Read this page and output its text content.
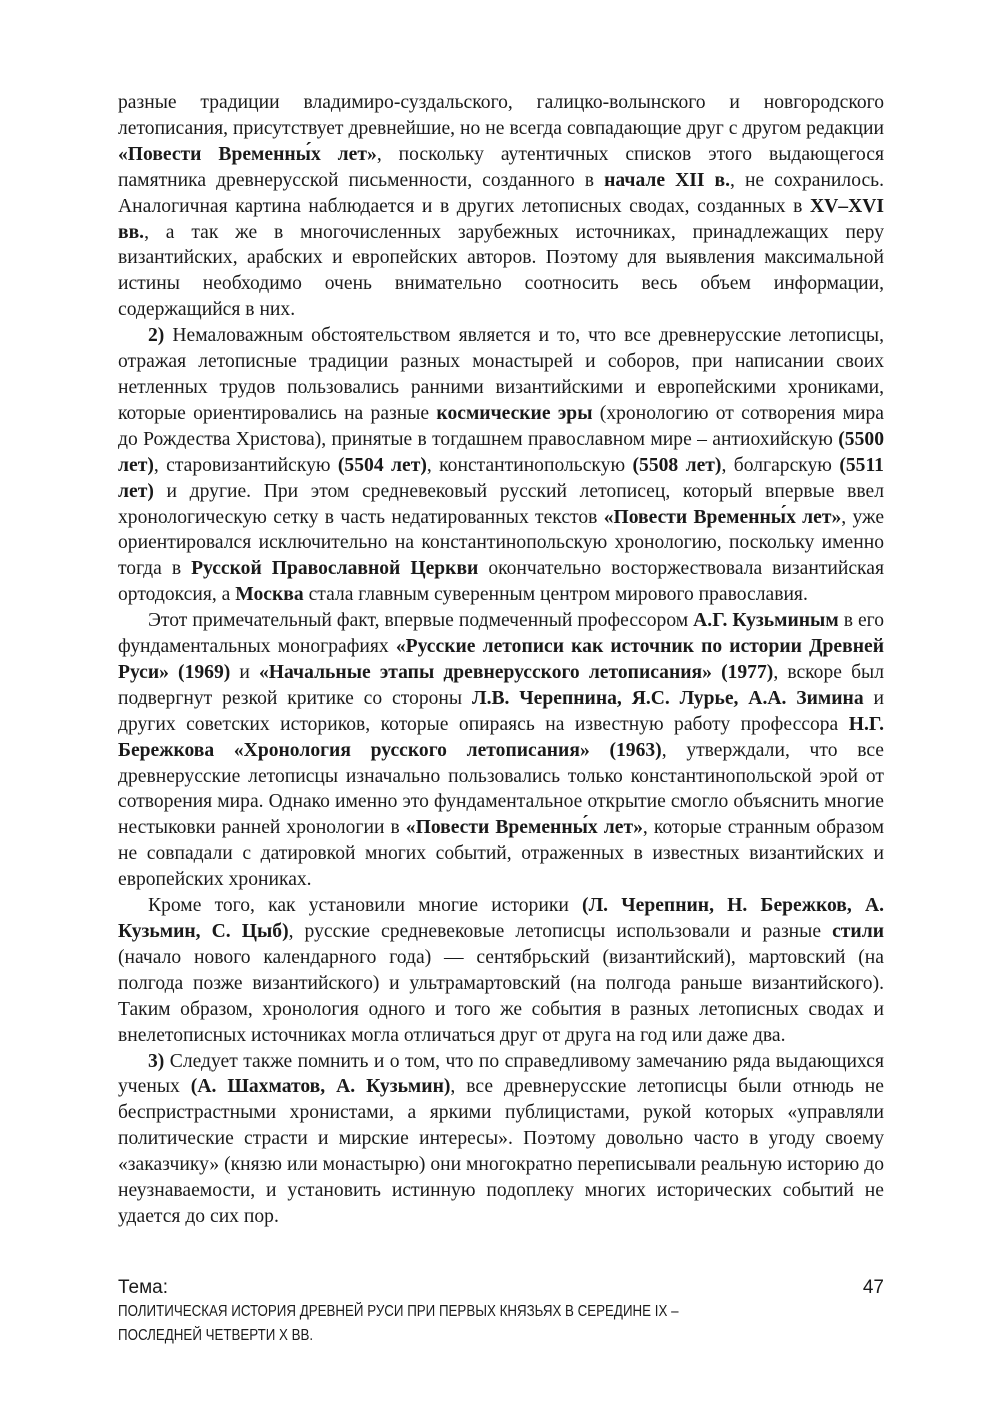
разные традиции владимиро-суздальского, галицко-волынского и новгородского летописания, присутствует древнейшие, но не всегда совпадающие друг с другом редакции «Повести Временны́х лет», поскольку аутентичных списков этого выдающегося памятника древнерусской письменности, созданного в начале XII в., не сохранилось. Аналогичная картина наблюдается и в других летописных сводах, созданных в XV–XVI вв., а так же в многочисленных зарубежных источниках, принадлежащих перу византийских, арабских и европейских авторов. Поэтому для выявления максимальной истины необходимо очень внимательно соотносить весь объем информации, содержащийся в них.

2) Немаловажным обстоятельством является и то, что все древнерусские летописцы, отражая летописные традиции разных монастырей и соборов, при написании своих нетленных трудов пользовались ранними византийскими и европейскими хрониками, которые ориентировались на разные космические эры (хронологию от сотворения мира до Рождества Христова), принятые в тогдашнем православном мире – антиохийскую (5500 лет), старовизантийскую (5504 лет), константинопольскую (5508 лет), болгарскую (5511 лет) и другие. При этом средневековый русский летописец, который впервые ввел хронологическую сетку в часть недатированных текстов «Повести Временны́х лет», уже ориентировался исключительно на константинопольскую хронологию, поскольку именно тогда в Русской Православной Церкви окончательно восторжествовала византийская ортодоксия, а Москва стала главным суверенным центром мирового православия.

Этот примечательный факт, впервые подмеченный профессором А.Г. Кузьминым в его фундаментальных монографиях «Русские летописи как источник по истории Древней Руси» (1969) и «Начальные этапы древнерусского летописания» (1977), вскоре был подвергнут резкой критике со стороны Л.В. Черепнина, Я.С. Лурье, А.А. Зимина и других советских историков, которые опираясь на известную работу профессора Н.Г. Бережкова «Хронология русского летописания» (1963), утверждали, что все древнерусские летописцы изначально пользовались только константинопольской эрой от сотворения мира. Однако именно это фундаментальное открытие смогло объяснить многие нестыковки ранней хронологии в «Повести Временны́х лет», которые странным образом не совпадали с датировкой многих событий, отраженных в известных византийских и европейских хрониках.

Кроме того, как установили многие историки (Л. Черепнин, Н. Бережков, А. Кузьмин, С. Цыб), русские средневековые летописцы использовали и разные стили (начало нового календарного года) — сентябрьский (византийский), мартовский (на полгода позже византийского) и ультрамартовский (на полгода раньше византийского). Таким образом, хронология одного и того же события в разных летописных сводах и внелетописных источниках могла отличаться друг от друга на год или даже два.

3) Следует также помнить и о том, что по справедливому замечанию ряда выдающихся ученых (А. Шахматов, А. Кузьмин), все древнерусские летописцы были отнюдь не беспристрастными хронистами, а яркими публицистами, рукой которых «управляли политические страсти и мирские интересы». Поэтому довольно часто в угоду своему «заказчику» (князю или монастырю) они многократно переписывали реальную историю до неузнаваемости, и установить истинную подоплеку многих исторических событий не удается до сих пор.

Тема:
ПОЛИТИЧЕСКАЯ ИСТОРИЯ ДРЕВНЕЙ РУСИ ПРИ ПЕРВЫХ КНЯЗЬЯХ В СЕРЕДИНЕ IX –
ПОСЛЕДНЕЙ ЧЕТВЕРТИ X ВВ.
47
